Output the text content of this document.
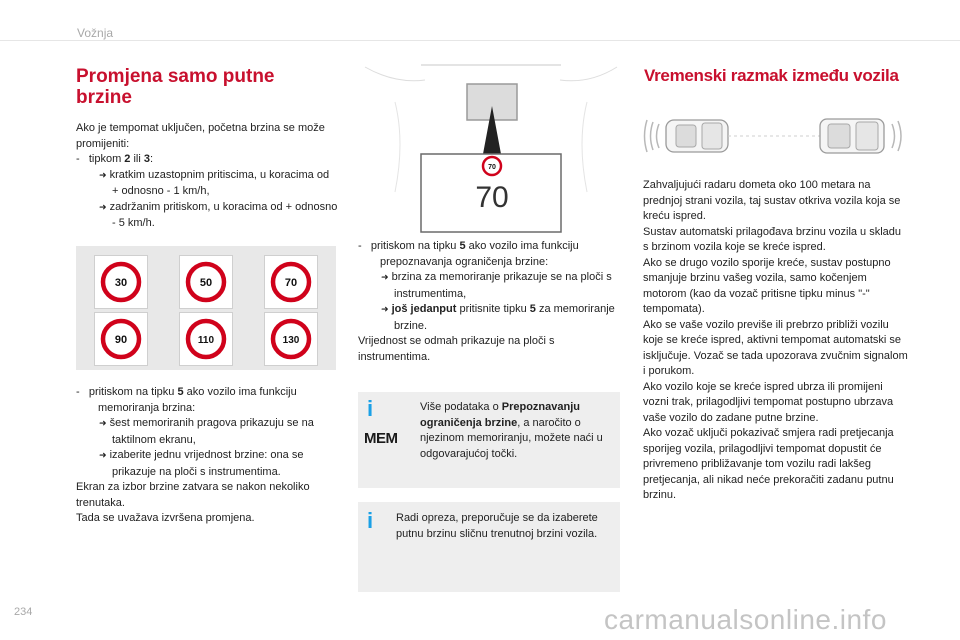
Vožnja
Promjena samo putne brzine

Ako je tempomat uključen, početna brzina se može promijeniti:

-   tipkom 2 ili 3:

➜ kratkim uzastopnim pritiscima, u koracima od + odnosno - 1 km/h,

➜ zadržanim pritiskom, u koracima od + odnosno - 5 km/h.

30	50	70
90	110	130

-   pritiskom na tipku 5 ako vozilo ima funkciju memoriranja brzina:

➜ šest memoriranih pragova prikazuju se na taktilnom ekranu,

➜ izaberite jednu vrijednost brzine: ona se prikazuje na ploči s instrumentima.

Ekran za izbor brzine zatvara se nakon nekoliko trenutaka.

Tada se uvažava izvršena promjena.

70
70

-   pritiskom na tipku 5 ako vozilo ima funkciju prepoznavanja ograničenja brzine:

➜ brzina za memoriranje prikazuje se na ploči s instrumentima,

➜ još jedanput pritisnite tipku 5 za memoriranje brzine.

Vrijednost se odmah prikazuje na ploči s instrumentima.

i
MEM
Više podataka o Prepoznavanju ograničenja brzine, a naročito o njezinom memoriranju, možete naći u odgovarajućoj točki.
i Radi opreza, preporučuje se da izaberete putnu brzinu sličnu trenutnoj brzini vozila.
Vremenski razmak između vozila

Zahvaljujući radaru dometa oko 100 metara na prednjoj strani vozila, taj sustav otkriva vozila koja se kreću ispred.

Sustav automatski prilagođava brzinu vozila u skladu s brzinom vozila koje se kreće ispred.

Ako se drugo vozilo sporije kreće, sustav postupno smanjuje brzinu vašeg vozila, samo kočenjem motorom (kao da vozač pritisne tipku minus "-" tempomata).

Ako se vaše vozilo previše ili prebrzo približi vozilu koje se kreće ispred, aktivni tempomat automatski se isključuje. Vozač se tada upozorava zvučnim signalom i porukom.

Ako vozilo koje se kreće ispred ubrza ili promijeni vozni trak, prilagodljivi tempomat postupno ubrzava vaše vozilo do zadane putne brzine.

Ako vozač uključi pokazivač smjera radi pretjecanja sporijeg vozila, prilagodljivi tempomat dopustit će privremeno približavanje tom vozilu radi lakšeg pretjecanja, ali nikad neće prekoračiti zadanu putnu brzinu.

234	carmanualsonline.info
